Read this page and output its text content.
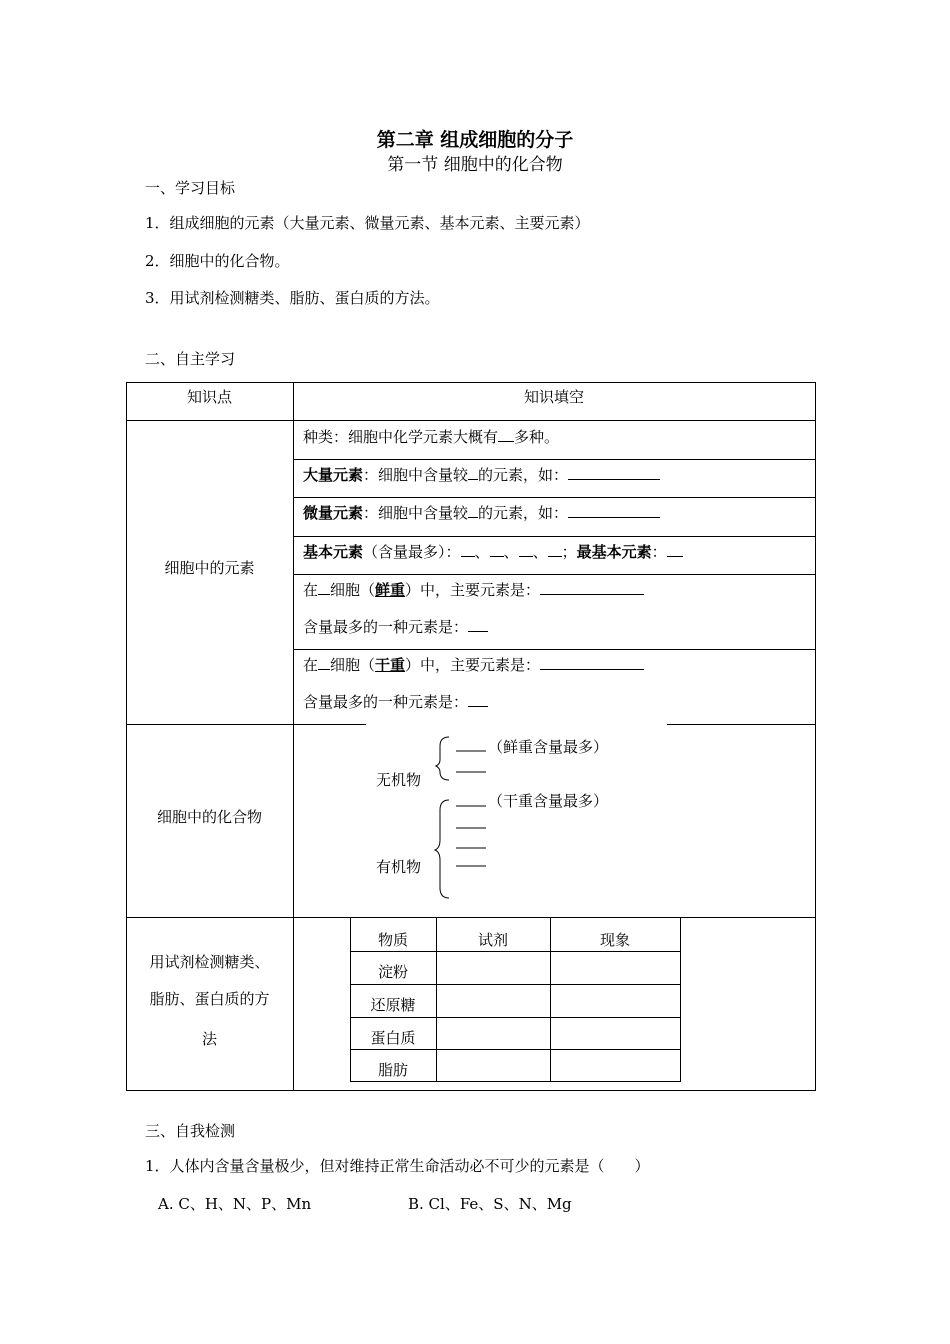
第二章 组成细胞的分子
第一节 细胞中的化合物
一、学习目标
1．组成细胞的元素（大量元素、微量元素、基本元素、主要元素）
2．细胞中的化合物。
3．用试剂检测糖类、脂肪、蛋白质的方法。
二、自主学习
知识点	知识填空
细胞中的元素
种类：细胞中化学元素大概有 多种。
大量元素：细胞中含量较 的元素，如：
微量元素：细胞中含量较 的元素，如：
基本元素（含量最多）： 、 、 、 ；最基本元素：
在 细胞（鲜重）中，主要元素是：
含量最多的一种元素是：
在 细胞（干重）中，主要元素是：
含量最多的一种元素是：
细胞中的化合物
无机物
有机物
（鲜重含量最多）
（干重含量最多）
用试剂检测糖类、
脂肪、蛋白质的方
法
物质	试剂	现象
淀粉
还原糖
蛋白质
脂肪
三、自我检测
1．人体内含量含量极少，但对维持正常生命活动必不可少的元素是（　　）
A. C、H、N、P、Mn	B. Cl、Fe、S、N、Mg
